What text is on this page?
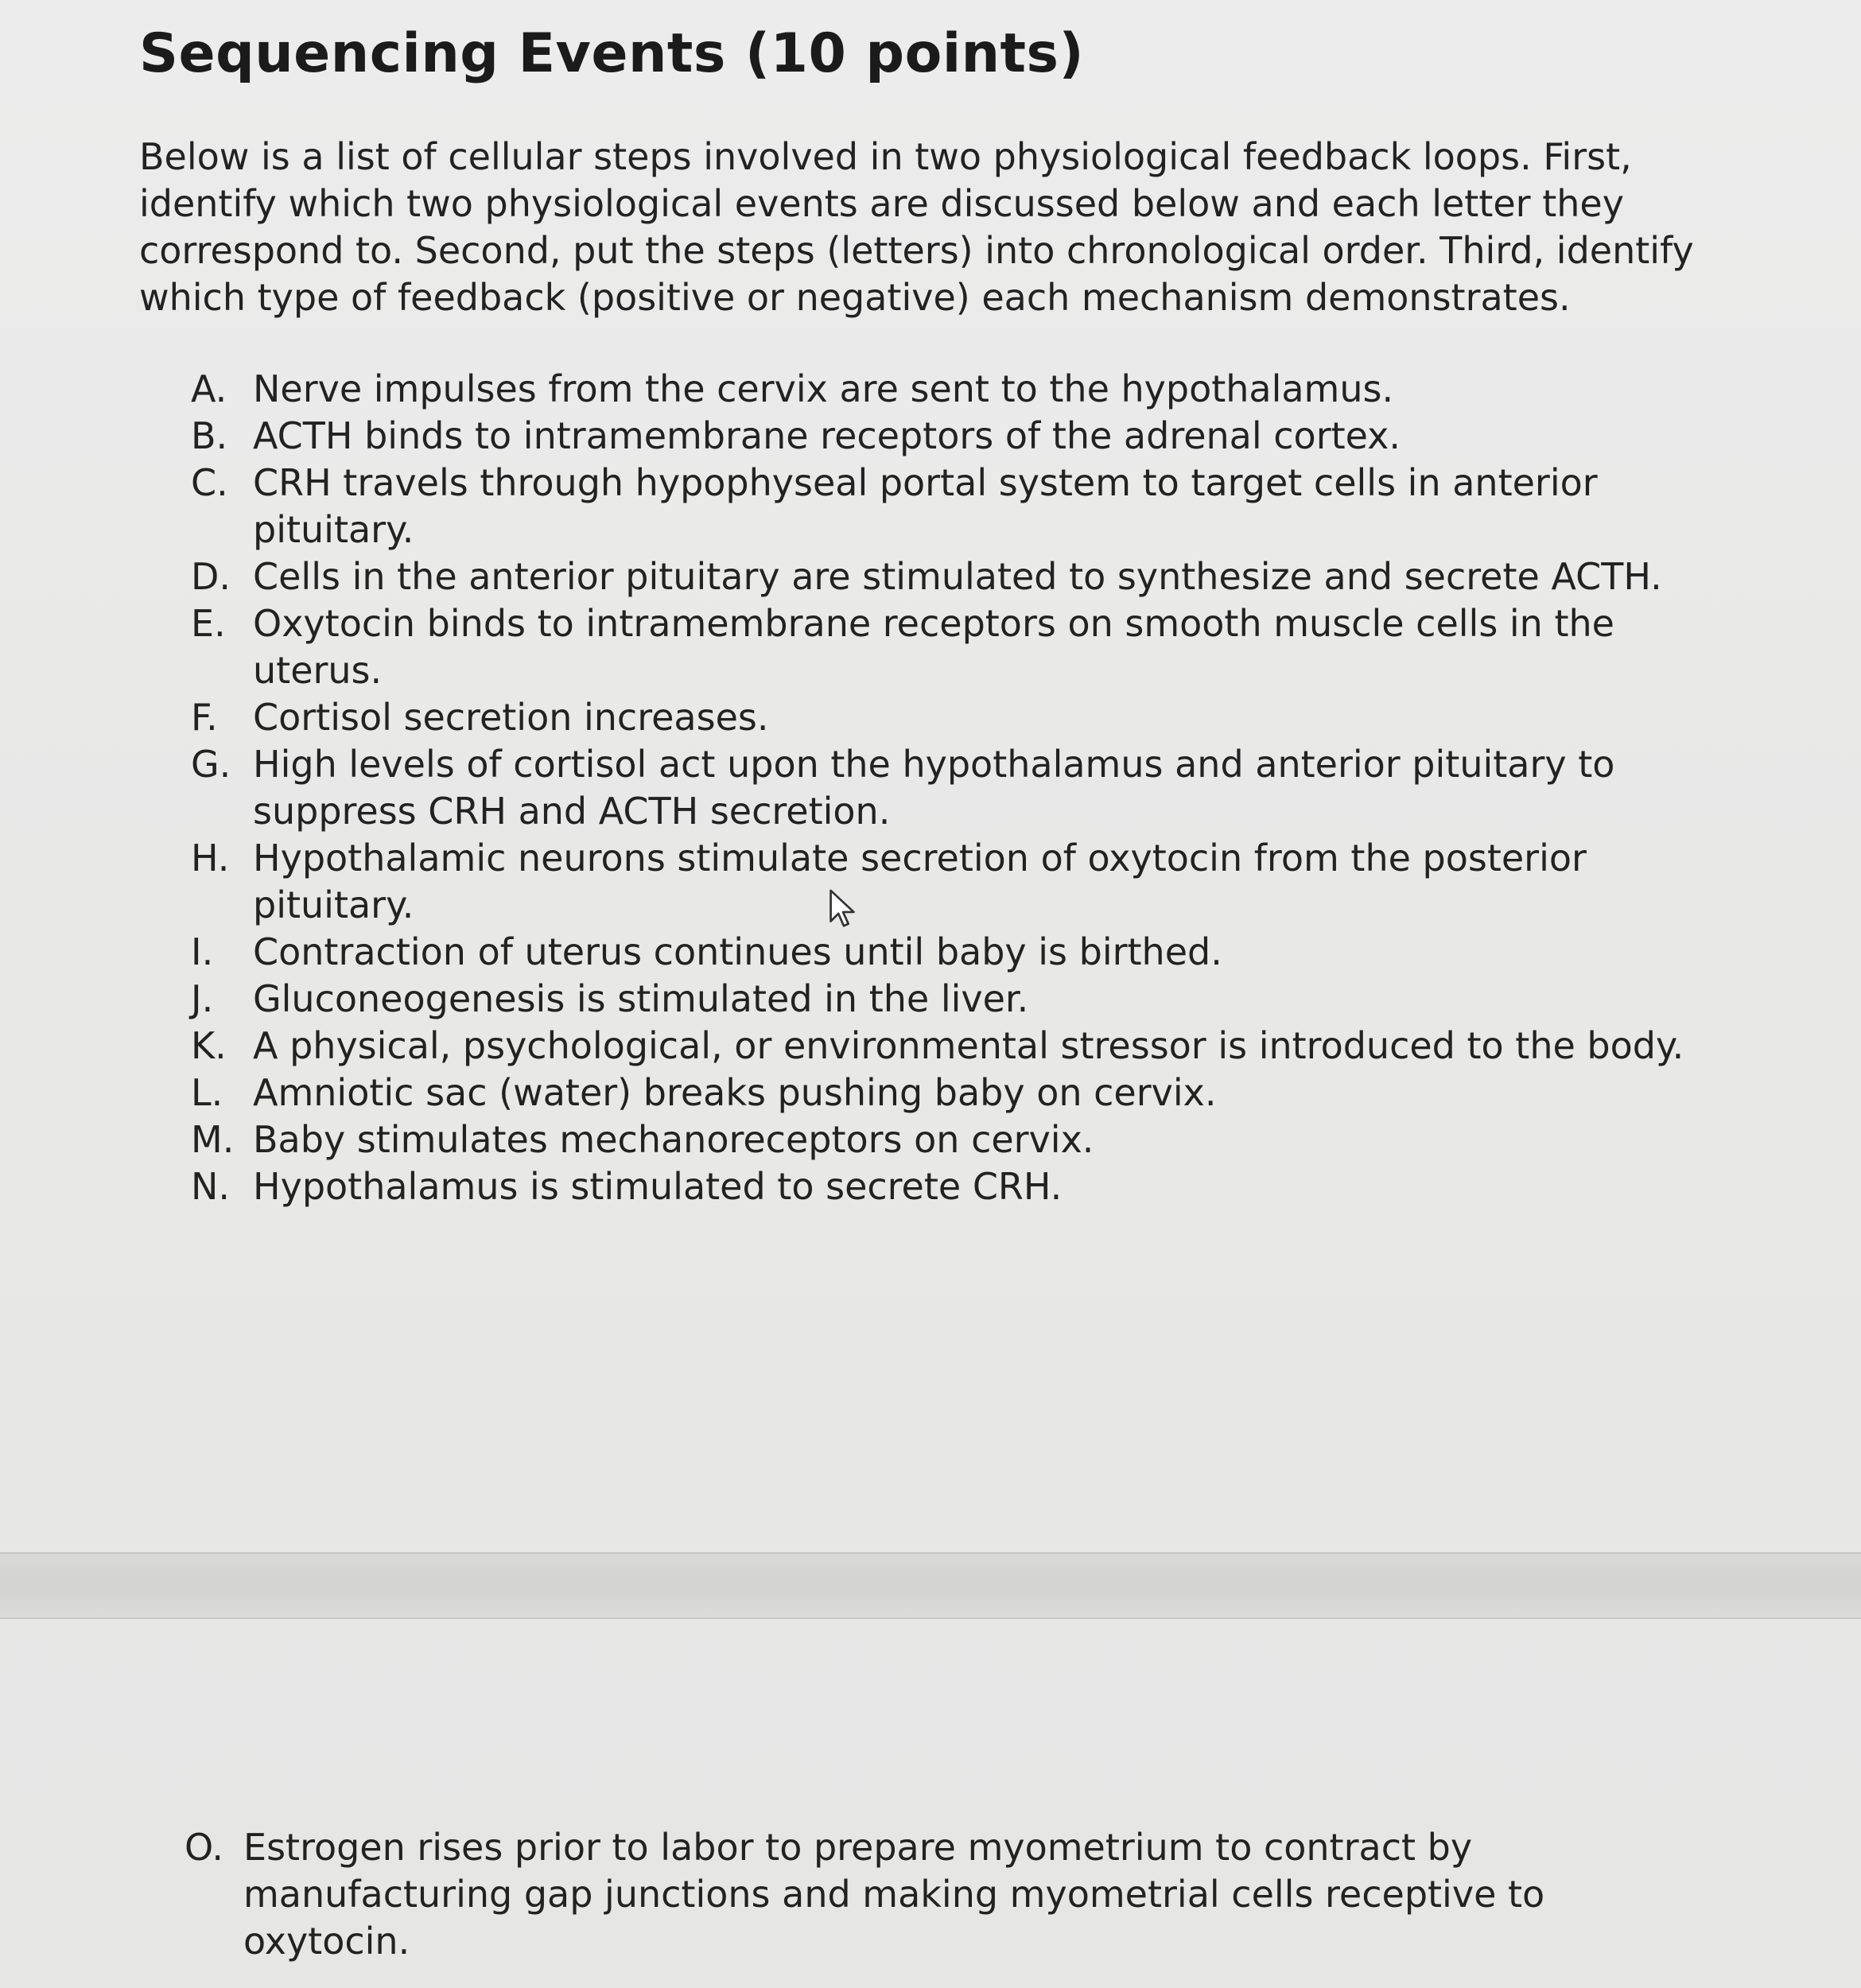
Sequencing Events (10 points)

Below is a list of cellular steps involved in two physiological feedback loops. First, identify which two physiological events are discussed below and each letter they correspond to. Second, put the steps (letters) into chronological order. Third, identify which type of feedback (positive or negative) each mechanism demonstrates.

A. Nerve impulses from the cervix are sent to the hypothalamus.
B. ACTH binds to intramembrane receptors of the adrenal cortex.
C. CRH travels through hypophyseal portal system to target cells in anterior pituitary.
D. Cells in the anterior pituitary are stimulated to synthesize and secrete ACTH.
E. Oxytocin binds to intramembrane receptors on smooth muscle cells in the uterus.
F. Cortisol secretion increases.
G. High levels of cortisol act upon the hypothalamus and anterior pituitary to suppress CRH and ACTH secretion.
H. Hypothalamic neurons stimulate secretion of oxytocin from the posterior pituitary.
I. Contraction of uterus continues until baby is birthed.
J. Gluconeogenesis is stimulated in the liver.
K. A physical, psychological, or environmental stressor is introduced to the body.
L. Amniotic sac (water) breaks pushing baby on cervix.
M. Baby stimulates mechanoreceptors on cervix.
N. Hypothalamus is stimulated to secrete CRH.
O. Estrogen rises prior to labor to prepare myometrium to contract by manufacturing gap junctions and making myometrial cells receptive to oxytocin.
